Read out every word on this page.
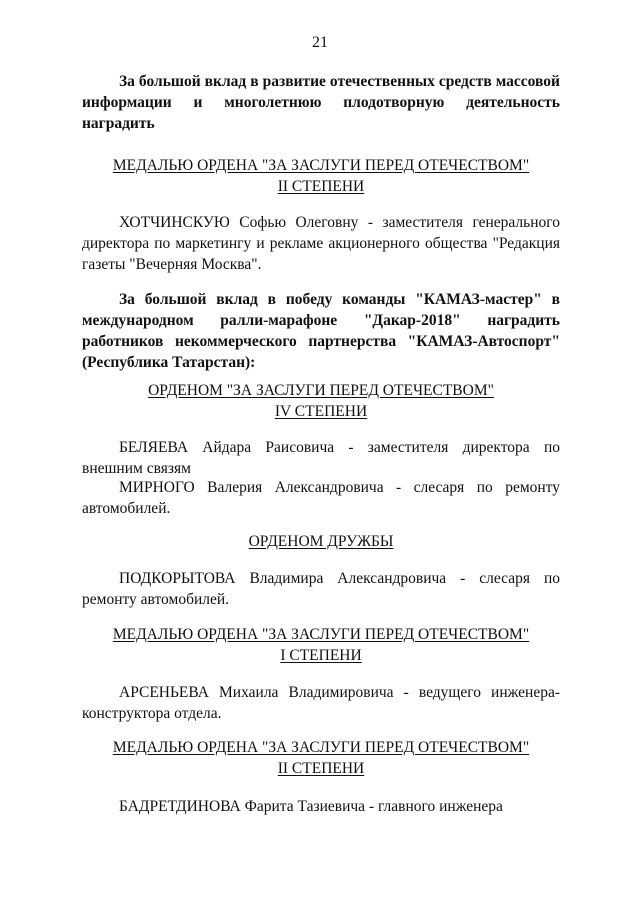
21
За большой вклад в развитие отечественных средств массовой информации и многолетнюю плодотворную деятельность наградить
МЕДАЛЬЮ ОРДЕНА "ЗА ЗАСЛУГИ ПЕРЕД ОТЕЧЕСТВОМ"
II СТЕПЕНИ
ХОТЧИНСКУЮ Софью Олеговну - заместителя генерального директора по маркетингу и рекламе акционерного общества "Редакция газеты "Вечерняя Москва".
За большой вклад в победу команды "КАМАЗ-мастер" в международном ралли-марафоне "Дакар-2018" наградить работников некоммерческого партнерства "КАМАЗ-Автоспорт" (Республика Татарстан):
ОРДЕНОМ "ЗА ЗАСЛУГИ ПЕРЕД ОТЕЧЕСТВОМ"
IV СТЕПЕНИ
БЕЛЯЕВА Айдара Раисовича - заместителя директора по внешним связям
МИРНОГО Валерия Александровича - слесаря по ремонту автомобилей.
ОРДЕНОМ ДРУЖБЫ
ПОДКОРЫТОВА Владимира Александровича - слесаря по ремонту автомобилей.
МЕДАЛЬЮ ОРДЕНА "ЗА ЗАСЛУГИ ПЕРЕД ОТЕЧЕСТВОМ"
I СТЕПЕНИ
АРСЕНЬЕВА Михаила Владимировича - ведущего инженера-конструктора отдела.
МЕДАЛЬЮ ОРДЕНА "ЗА ЗАСЛУГИ ПЕРЕД ОТЕЧЕСТВОМ"
II СТЕПЕНИ
БАДРЕТДИНОВА Фарита Тазиевича - главного инженера
